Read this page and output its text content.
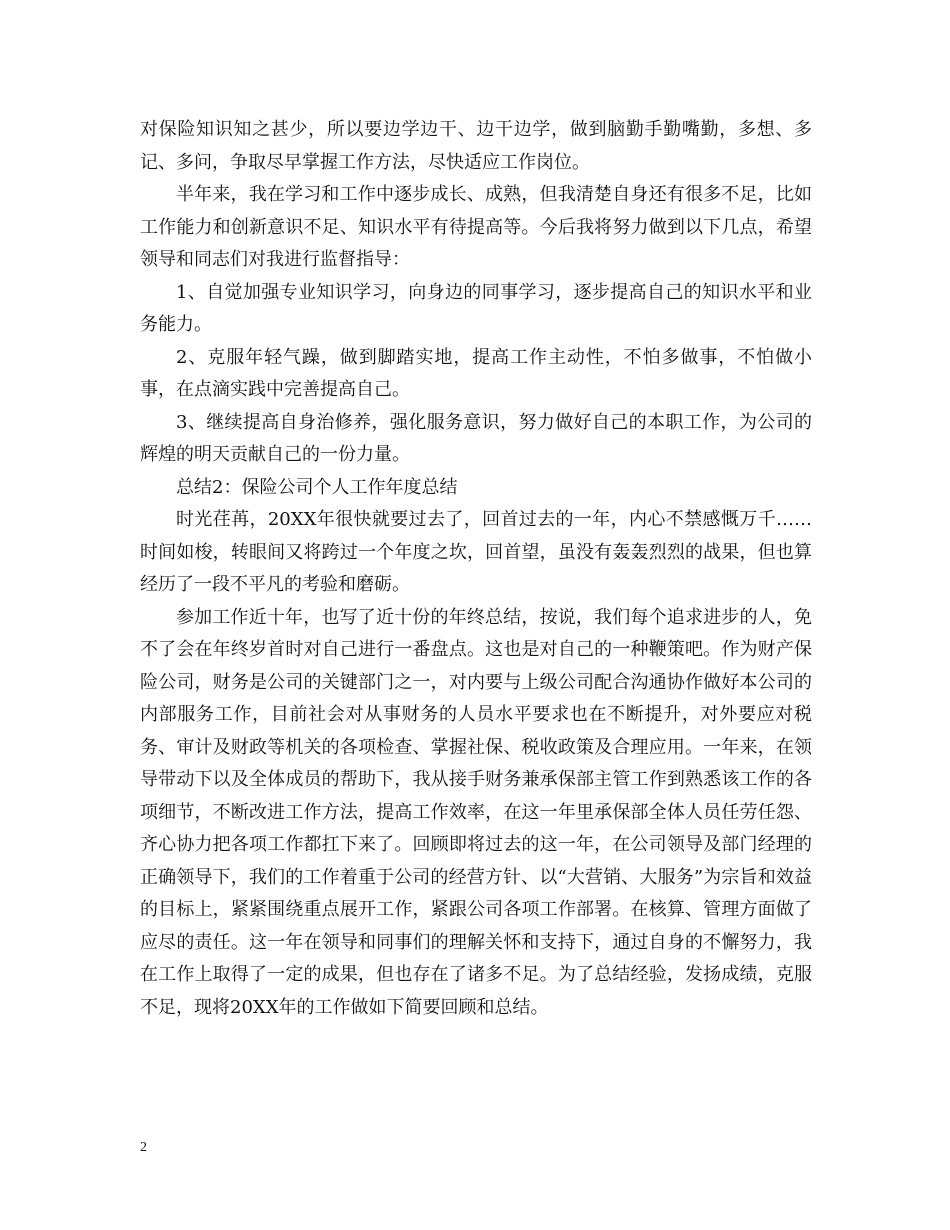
对保险知识知之甚少，所以要边学边干、边干边学，做到脑勤手勤嘴勤，多想、多记、多问，争取尽早掌握工作方法，尽快适应工作岗位。

半年来，我在学习和工作中逐步成长、成熟，但我清楚自身还有很多不足，比如工作能力和创新意识不足、知识水平有待提高等。今后我将努力做到以下几点，希望领导和同志们对我进行监督指导：

1、自觉加强专业知识学习，向身边的同事学习，逐步提高自己的知识水平和业务能力。

2、克服年轻气躁，做到脚踏实地，提高工作主动性，不怕多做事，不怕做小事，在点滴实践中完善提高自己。

3、继续提高自身治修养，强化服务意识，努力做好自己的本职工作，为公司的辉煌的明天贡献自己的一份力量。

总结2：保险公司个人工作年度总结

时光荏苒，20XX年很快就要过去了，回首过去的一年，内心不禁感慨万千……时间如梭，转眼间又将跨过一个年度之坎，回首望，虽没有轰轰烈烈的战果，但也算经历了一段不平凡的考验和磨砺。

参加工作近十年，也写了近十份的年终总结，按说，我们每个追求进步的人，免不了会在年终岁首时对自己进行一番盘点。这也是对自己的一种鞭策吧。作为财产保险公司，财务是公司的关键部门之一，对内要与上级公司配合沟通协作做好本公司的内部服务工作，目前社会对从事财务的人员水平要求也在不断提升，对外要应对税务、审计及财政等机关的各项检查、掌握社保、税收政策及合理应用。一年来，在领导带动下以及全体成员的帮助下，我从接手财务兼承保部主管工作到熟悉该工作的各项细节，不断改进工作方法，提高工作效率，在这一年里承保部全体人员任劳任怨、齐心协力把各项工作都扛下来了。回顾即将过去的这一年，在公司领导及部门经理的正确领导下，我们的工作着重于公司的经营方针、以“大营销、大服务”为宗旨和效益的目标上，紧紧围绕重点展开工作，紧跟公司各项工作部署。在核算、管理方面做了应尽的责任。这一年在领导和同事们的理解关怀和支持下，通过自身的不懈努力，我在工作上取得了一定的成果，但也存在了诸多不足。为了总结经验，发扬成绩，克服不足，现将20XX年的工作做如下简要回顾和总结。

2
